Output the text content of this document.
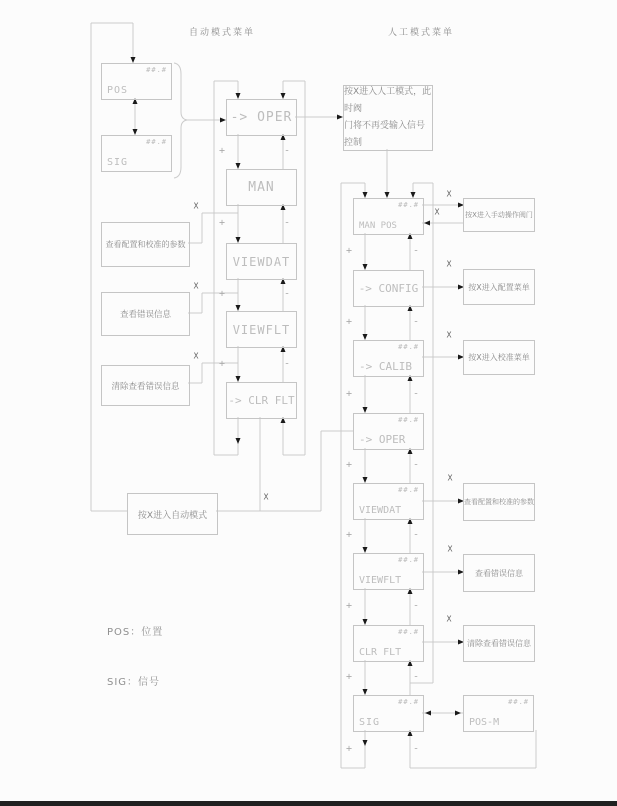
自动模式菜单	人工模式菜单
POS
##.#
SIG
##.#
-> OPER
MAN
VIEWDAT
VIEWFLT
-> CLR FLT
查看配置和校准的参数
查看错误信息
清除查看错误信息
按X进入自动模式
按X进入人工模式，此时阀
门将不再受输入信号控制
MAN POS
##.#
-> CONFIG
-> CALIB
##.#
-> OPER
##.#
VIEWDAT
##.#
VIEWFLT
##.#
CLR FLT
##.#
SIG
##.#
POS-M
##.#
按X进入手动操作阀门
按X进入配置菜单
按X进入校准菜单
查看配置和校准的参数
查看错误信息
清除查看错误信息
+
+
+
+
+
+
+
+
+
+
+
+
-
-
-
-
-
-
-
-
-
-
-
-
X
X
X
X
X
X
X
X
X
X
X
POS：位置
SIG：信号
